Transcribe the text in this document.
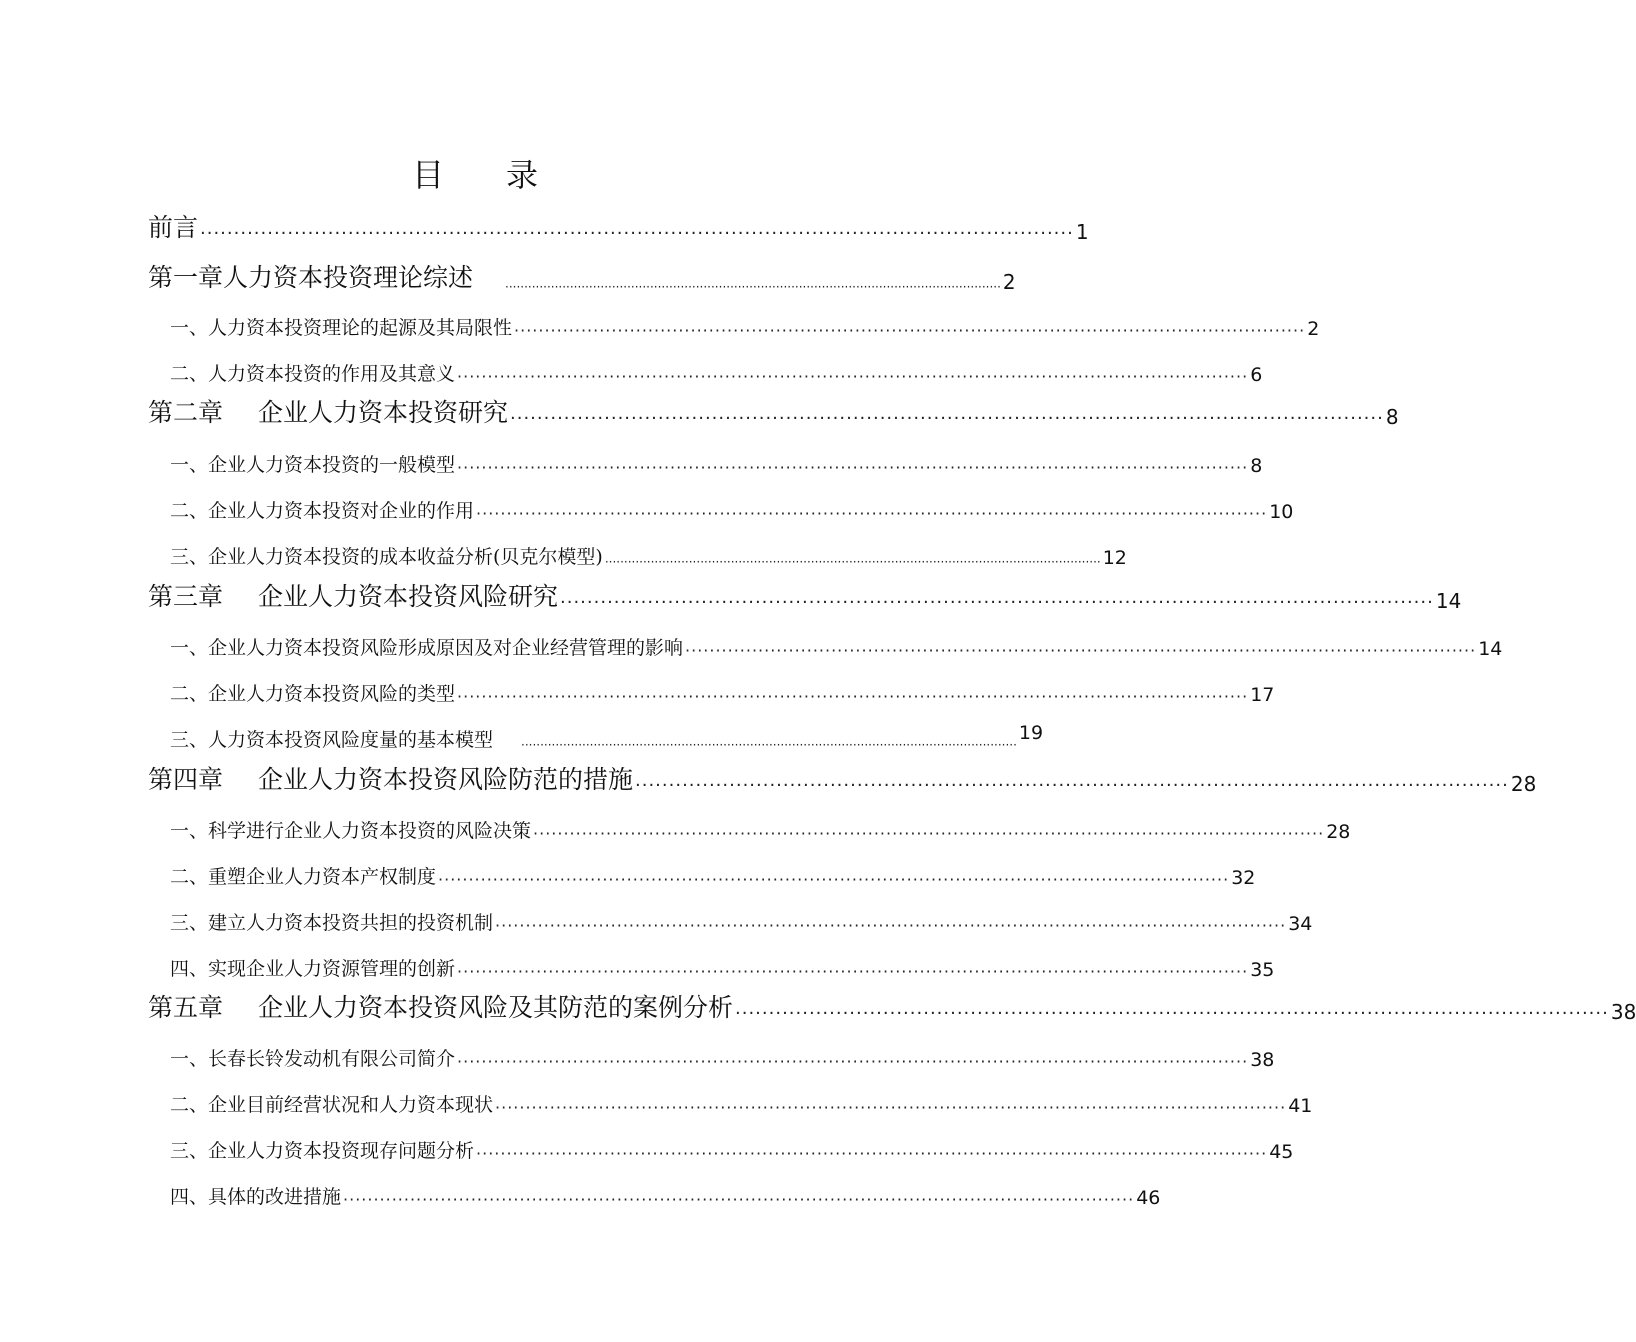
目 录
前言 ·································································································································· 1
第一章人力资本投资理论综述	·································································································································· 2
一、人力资本投资理论的起源及其局限性 ·································································································································· 2
二、人力资本投资的作用及其意义 ·································································································································· 6
第二章 企业人力资本投资研究 ·································································································································· 8
一、企业人力资本投资的一般模型 ·································································································································· 8
二、企业人力资本投资对企业的作用 ·································································································································· 10
三、企业人力资本投资的成本收益分析(贝克尔模型) ·································································································································· 12
第三章 企业人力资本投资风险研究 ·································································································································· 14
一、企业人力资本投资风险形成原因及对企业经营管理的影响 ·································································································································· 14
二、企业人力资本投资风险的类型 ·································································································································· 17
三、人力资本投资风险度量的基本模型 ··································································································································
19
第四章 企业人力资本投资风险防范的措施 ·································································································································· 28
一、科学进行企业人力资本投资的风险决策 ·································································································································· 28
二、重塑企业人力资本产权制度 ·································································································································· 32
三、建立人力资本投资共担的投资机制 ·································································································································· 34
四、实现企业人力资源管理的创新 ·································································································································· 35
第五章 企业人力资本投资风险及其防范的案例分析 ·································································································································· 38
一、长春长铃发动机有限公司简介 ·································································································································· 38
二、企业目前经营状况和人力资本现状 ·································································································································· 41
三、企业人力资本投资现存问题分析 ·································································································································· 45
四、具体的改进措施 ·································································································································· 46
